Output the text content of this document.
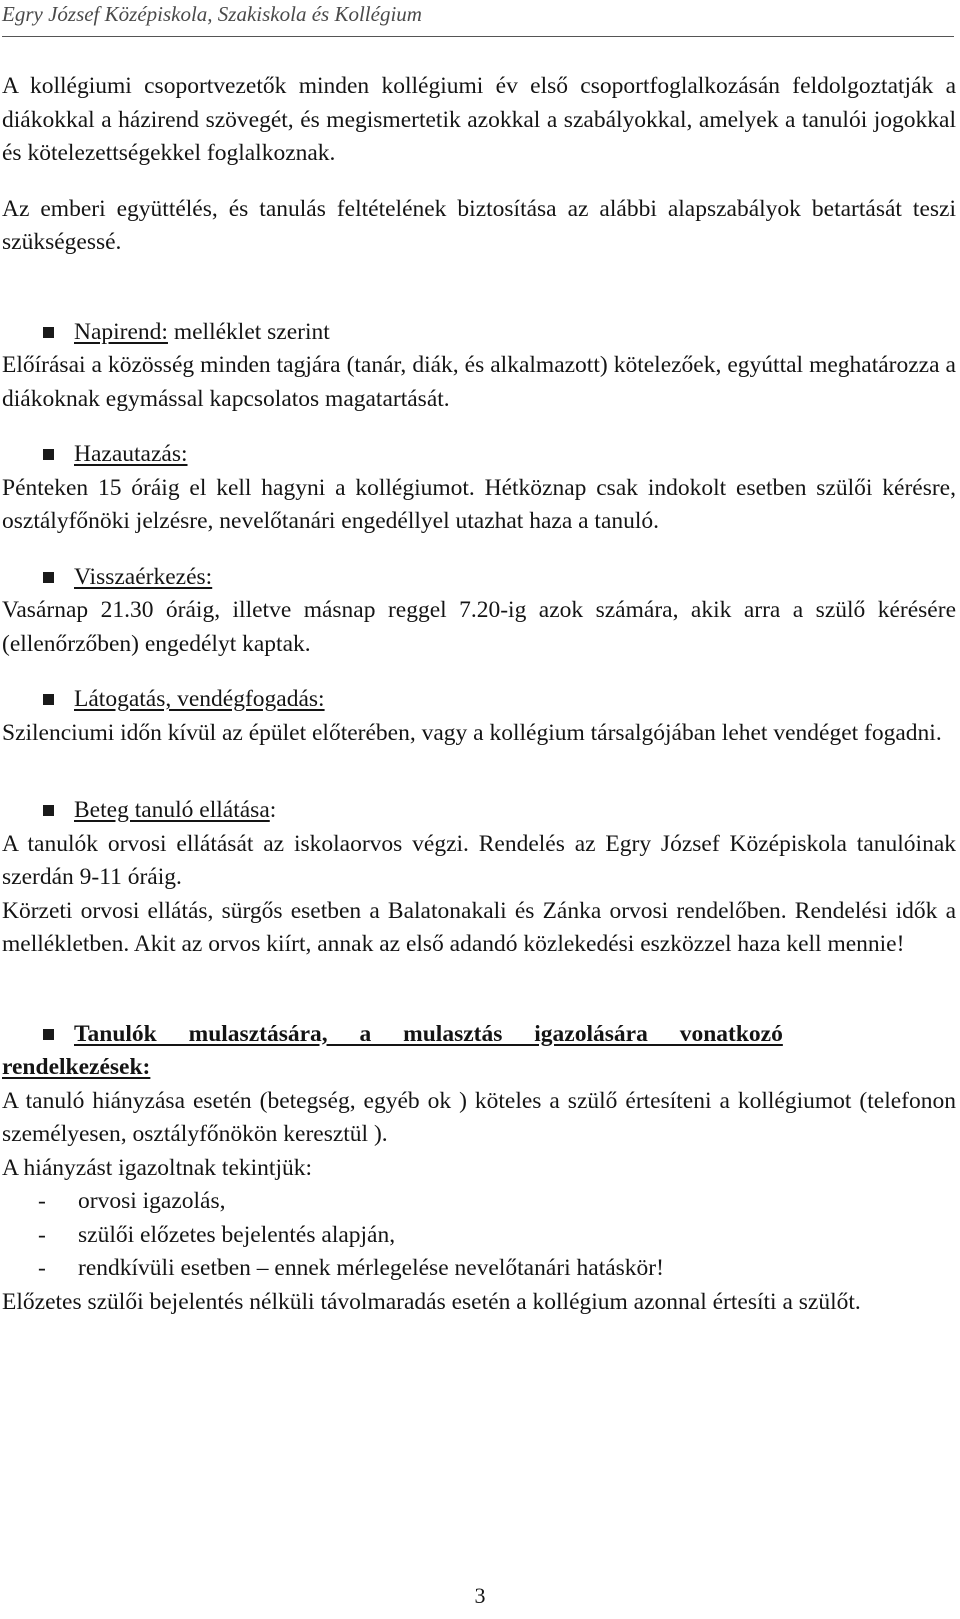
Egry József Középiskola, Szakiskola és Kollégium

A kollégiumi csoportvezetők minden kollégiumi év első csoportfoglalkozásán feldolgoztatják a diákokkal a házirend szövegét, és megismertetik azokkal a szabályokkal, amelyek a tanulói jogokkal és kötelezettségekkel foglalkoznak.

Az emberi együttélés, és tanulás feltételének biztosítása az alábbi alapszabályok betartását teszi szükségessé.

Napirend: melléklet szerint

Előírásai a közösség minden tagjára (tanár, diák, és alkalmazott) kötelezőek, egyúttal meghatározza a diákoknak egymással kapcsolatos magatartását.

Hazautazás:

Pénteken 15 óráig el kell hagyni a kollégiumot. Hétköznap csak indokolt esetben szülői kérésre, osztályfőnöki jelzésre, nevelőtanári engedéllyel utazhat haza a tanuló.

Visszaérkezés:

Vasárnap 21.30 óráig, illetve másnap reggel 7.20-ig azok számára, akik arra a szülő kérésére (ellenőrzőben) engedélyt kaptak.

Látogatás, vendégfogadás:

Szilenciumi időn kívül az épület előterében, vagy a kollégium társalgójában lehet vendéget fogadni.

Beteg tanuló ellátása:

A tanulók orvosi ellátását az iskolaorvos végzi. Rendelés az Egry József Középiskola tanulóinak szerdán 9-11 óráig.

Körzeti orvosi ellátás, sürgős esetben a Balatonakali és Zánka orvosi rendelőben. Rendelési idők a mellékletben. Akit az orvos kiírt, annak az első adandó közlekedési eszközzel haza kell mennie!

Tanulók mulasztására, a mulasztás igazolására vonatkozó

rendelkezések:

A tanuló hiányzása esetén (betegség, egyéb ok ) köteles a szülő értesíteni a kollégiumot (telefonon személyesen, osztályfőnökön keresztül ).

A hiányzást igazoltnak tekintjük:

- orvosi igazolás,

- szülői előzetes bejelentés alapján,

- rendkívüli esetben – ennek mérlegelése nevelőtanári hatáskör!

Előzetes szülői bejelentés nélküli távolmaradás esetén a kollégium azonnal értesíti a szülőt.

3
